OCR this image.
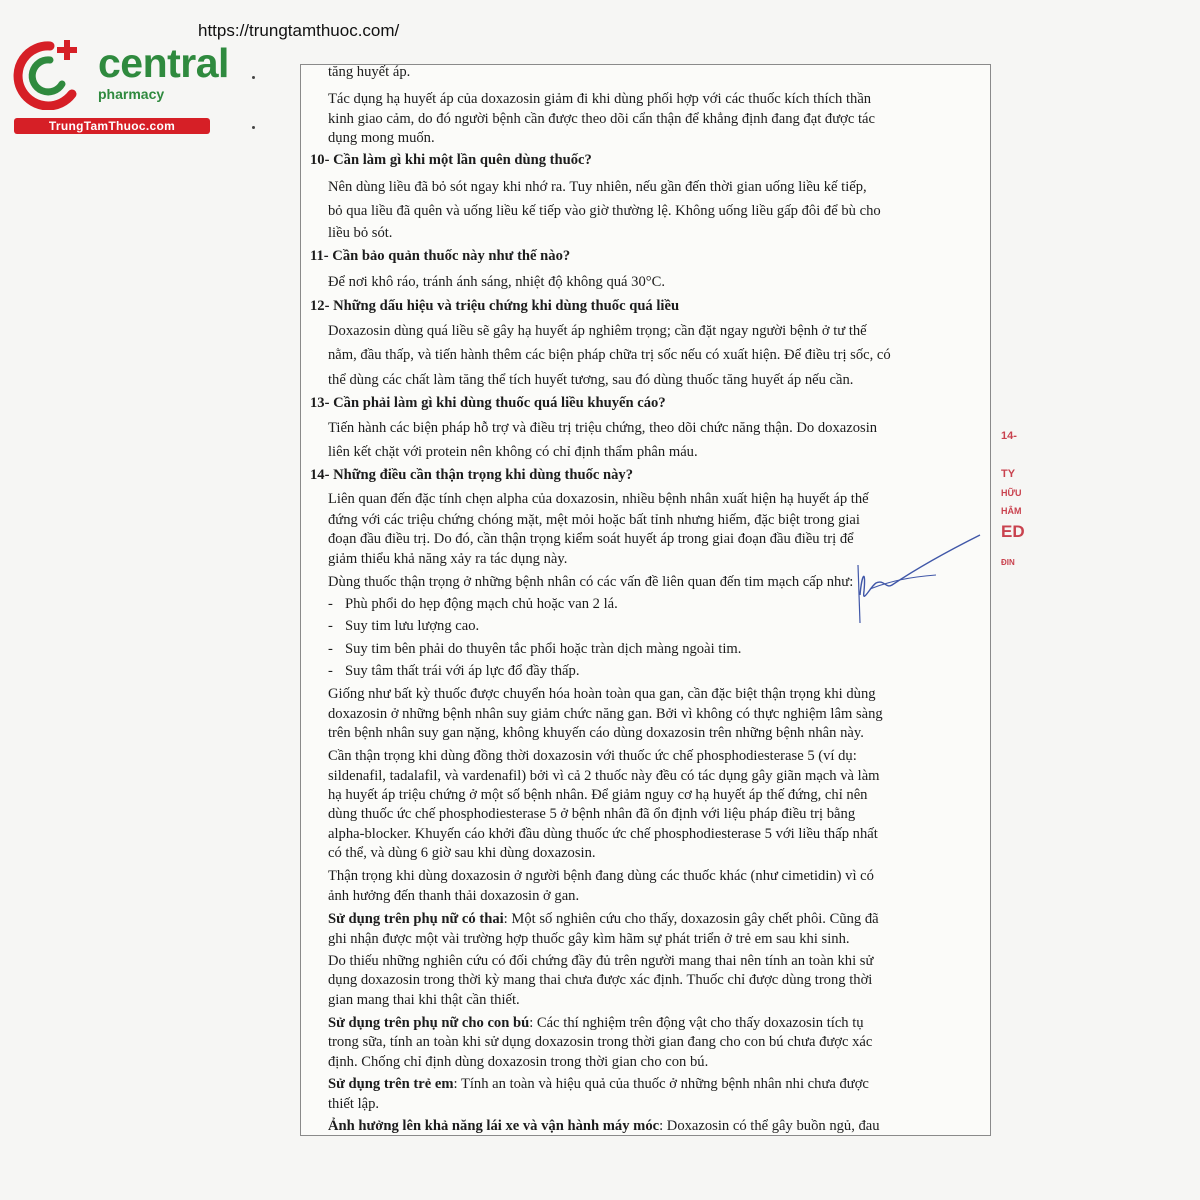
https://trungtamthuoc.com/
central
pharmacy
TrungTamThuoc.com
tăng huyết áp.
Tác dụng hạ huyết áp của doxazosin giảm đi khi dùng phối hợp với các thuốc kích thích thần
kinh giao cảm, do đó người bệnh cần được theo dõi cẩn thận để khẳng định đang đạt được tác
dụng mong muốn.
10- Cần làm gì khi một lần quên dùng thuốc?
Nên dùng liều đã bỏ sót ngay khi nhớ ra. Tuy nhiên, nếu gần đến thời gian uống liều kế tiếp,
bỏ qua liều đã quên và uống liều kế tiếp vào giờ thường lệ. Không uống liều gấp đôi để bù cho
liều bỏ sót.
11- Cần bảo quản thuốc này như thế nào?
Để nơi khô ráo, tránh ánh sáng, nhiệt độ không quá 30°C.
12- Những dấu hiệu và triệu chứng khi dùng thuốc quá liều
Doxazosin dùng quá liều sẽ gây hạ huyết áp nghiêm trọng; cần đặt ngay người bệnh ở tư thế
nằm, đầu thấp, và tiến hành thêm các biện pháp chữa trị sốc nếu có xuất hiện. Để điều trị sốc, có
thể dùng các chất làm tăng thể tích huyết tương, sau đó dùng thuốc tăng huyết áp nếu cần.
13- Cần phải làm gì khi dùng thuốc quá liều khuyến cáo?
Tiến hành các biện pháp hỗ trợ và điều trị triệu chứng, theo dõi chức năng thận. Do doxazosin
liên kết chặt với protein nên không có chỉ định thẩm phân máu.
14- Những điều cần thận trọng khi dùng thuốc này?
Liên quan đến đặc tính chẹn alpha của doxazosin, nhiều bệnh nhân xuất hiện hạ huyết áp thế
đứng với các triệu chứng chóng mặt, mệt mỏi hoặc bất tỉnh nhưng hiếm, đặc biệt trong giai
đoạn đầu điều trị. Do đó, cần thận trọng kiểm soát huyết áp trong giai đoạn đầu điều trị để
giảm thiểu khả năng xảy ra tác dụng này.
Dùng thuốc thận trọng ở những bệnh nhân có các vấn đề liên quan đến tim mạch cấp như:
- Phù phổi do hẹp động mạch chủ hoặc van 2 lá.
- Suy tim lưu lượng cao.
- Suy tim bên phải do thuyên tắc phổi hoặc tràn dịch màng ngoài tim.
- Suy tâm thất trái với áp lực đổ đầy thấp.
Giống như bất kỳ thuốc được chuyển hóa hoàn toàn qua gan, cần đặc biệt thận trọng khi dùng
doxazosin ở những bệnh nhân suy giảm chức năng gan. Bởi vì không có thực nghiệm lâm sàng
trên bệnh nhân suy gan nặng, không khuyến cáo dùng doxazosin trên những bệnh nhân này.
Cần thận trọng khi dùng đồng thời doxazosin với thuốc ức chế phosphodiesterase 5 (ví dụ:
sildenafil, tadalafil, và vardenafil) bởi vì cả 2 thuốc này đều có tác dụng gây giãn mạch và làm
hạ huyết áp triệu chứng ở một số bệnh nhân. Để giảm nguy cơ hạ huyết áp thế đứng, chỉ nên
dùng thuốc ức chế phosphodiesterase 5 ở bệnh nhân đã ổn định với liệu pháp điều trị bằng
alpha-blocker. Khuyến cáo khởi đầu dùng thuốc ức chế phosphodiesterase 5 với liều thấp nhất
có thể, và dùng 6 giờ sau khi dùng doxazosin.
Thận trọng khi dùng doxazosin ở người bệnh đang dùng các thuốc khác (như cimetidin) vì có
ảnh hưởng đến thanh thải doxazosin ở gan.
Sử dụng trên phụ nữ có thai: Một số nghiên cứu cho thấy, doxazosin gây chết phôi. Cũng đã
ghi nhận được một vài trường hợp thuốc gây kìm hãm sự phát triển ở trẻ em sau khi sinh.
Do thiếu những nghiên cứu có đối chứng đầy đủ trên người mang thai nên tính an toàn khi sử
dụng doxazosin trong thời kỳ mang thai chưa được xác định. Thuốc chỉ được dùng trong thời
gian mang thai khi thật cần thiết.
Sử dụng trên phụ nữ cho con bú: Các thí nghiệm trên động vật cho thấy doxazosin tích tụ
trong sữa, tính an toàn khi sử dụng doxazosin trong thời gian đang cho con bú chưa được xác
định. Chống chỉ định dùng doxazosin trong thời gian cho con bú.
Sử dụng trên trẻ em: Tính an toàn và hiệu quả của thuốc ở những bệnh nhân nhi chưa được
thiết lập.
Ảnh hưởng lên khả năng lái xe và vận hành máy móc: Doxazosin có thể gây buồn ngủ, đau
14-
TY
HỮU
HÂM
ED
ĐIN
